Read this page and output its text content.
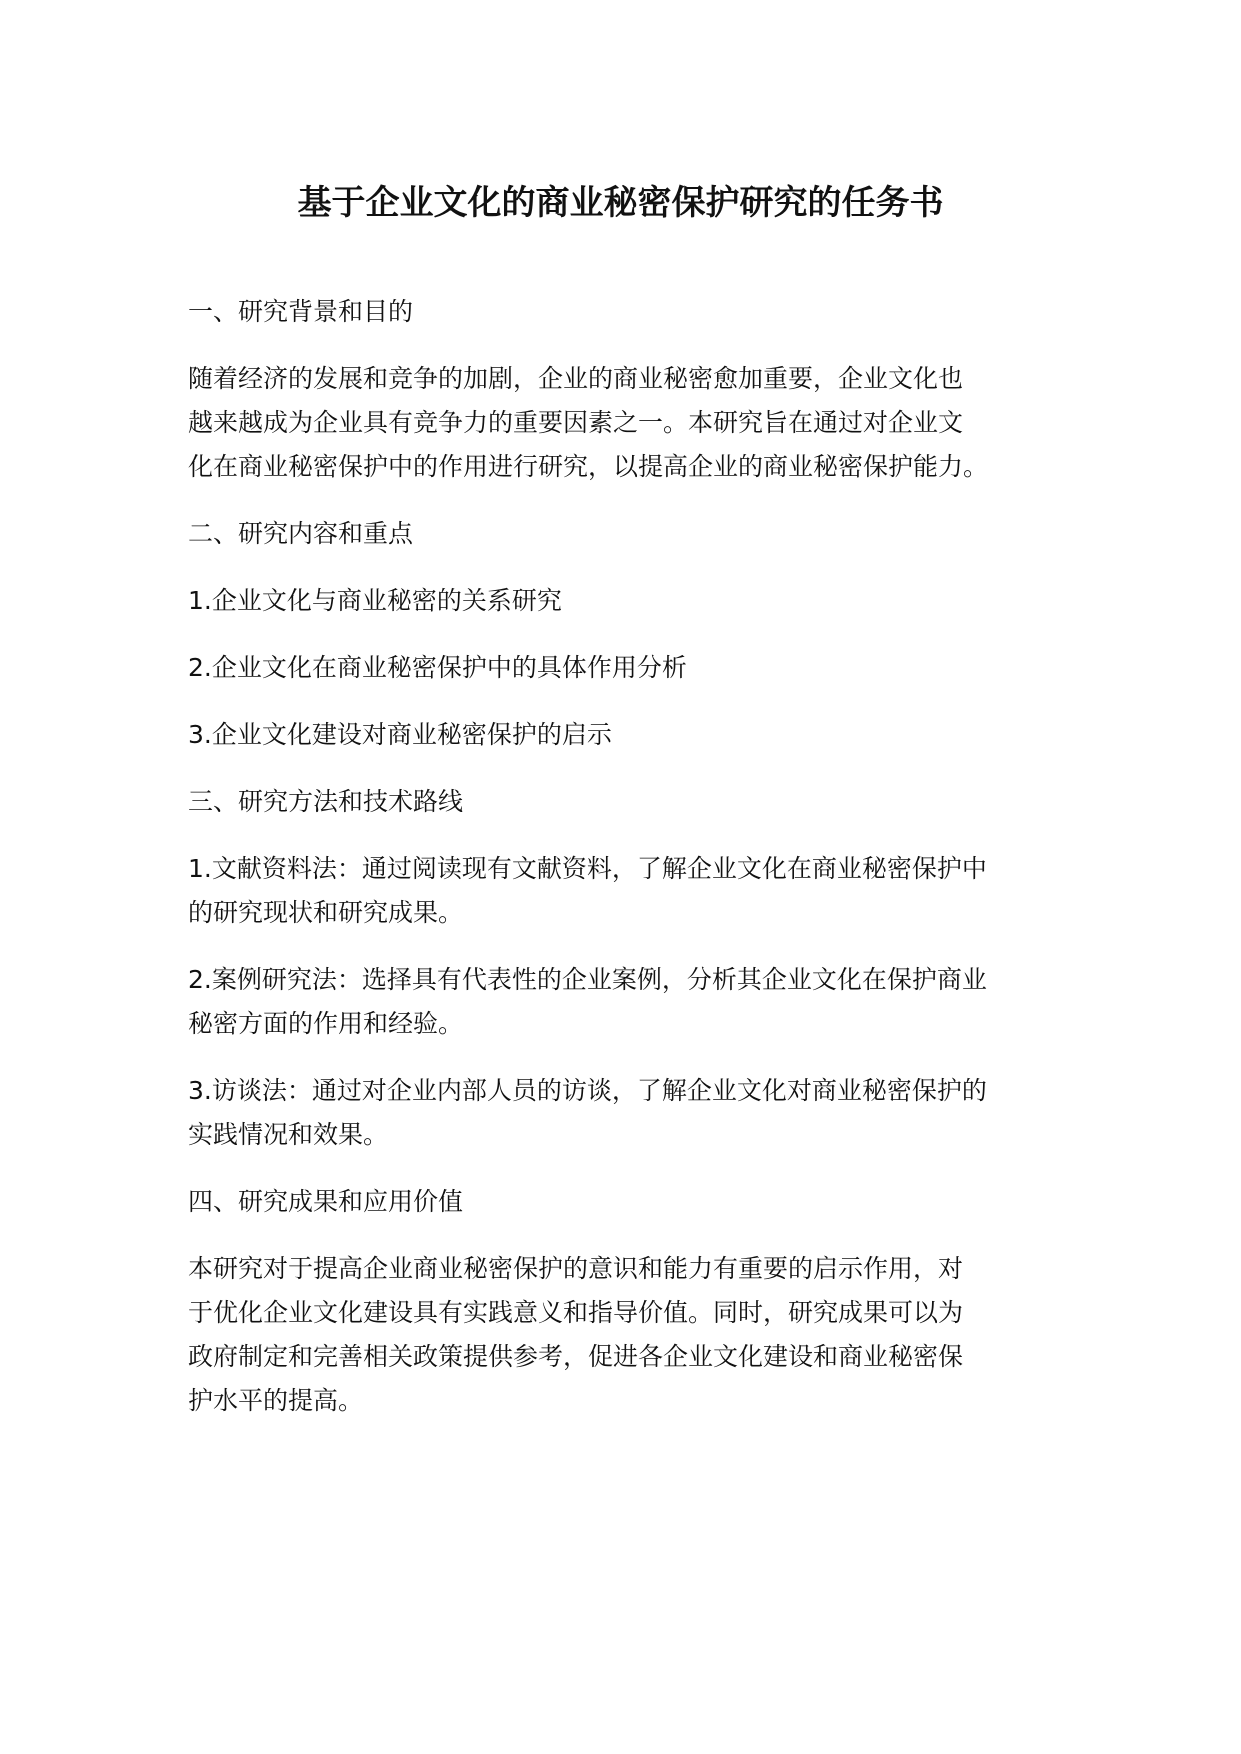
基于企业文化的商业秘密保护研究的任务书

一、研究背景和目的

随着经济的发展和竞争的加剧，企业的商业秘密愈加重要，企业文化也
越来越成为企业具有竞争力的重要因素之一。本研究旨在通过对企业文
化在商业秘密保护中的作用进行研究，以提高企业的商业秘密保护能力。

二、研究内容和重点

1.企业文化与商业秘密的关系研究

2.企业文化在商业秘密保护中的具体作用分析

3.企业文化建设对商业秘密保护的启示

三、研究方法和技术路线

1.文献资料法：通过阅读现有文献资料，了解企业文化在商业秘密保护中
的研究现状和研究成果。

2.案例研究法：选择具有代表性的企业案例，分析其企业文化在保护商业
秘密方面的作用和经验。

3.访谈法：通过对企业内部人员的访谈，了解企业文化对商业秘密保护的
实践情况和效果。

四、研究成果和应用价值

本研究对于提高企业商业秘密保护的意识和能力有重要的启示作用，对
于优化企业文化建设具有实践意义和指导价值。同时，研究成果可以为
政府制定和完善相关政策提供参考，促进各企业文化建设和商业秘密保
护水平的提高。
